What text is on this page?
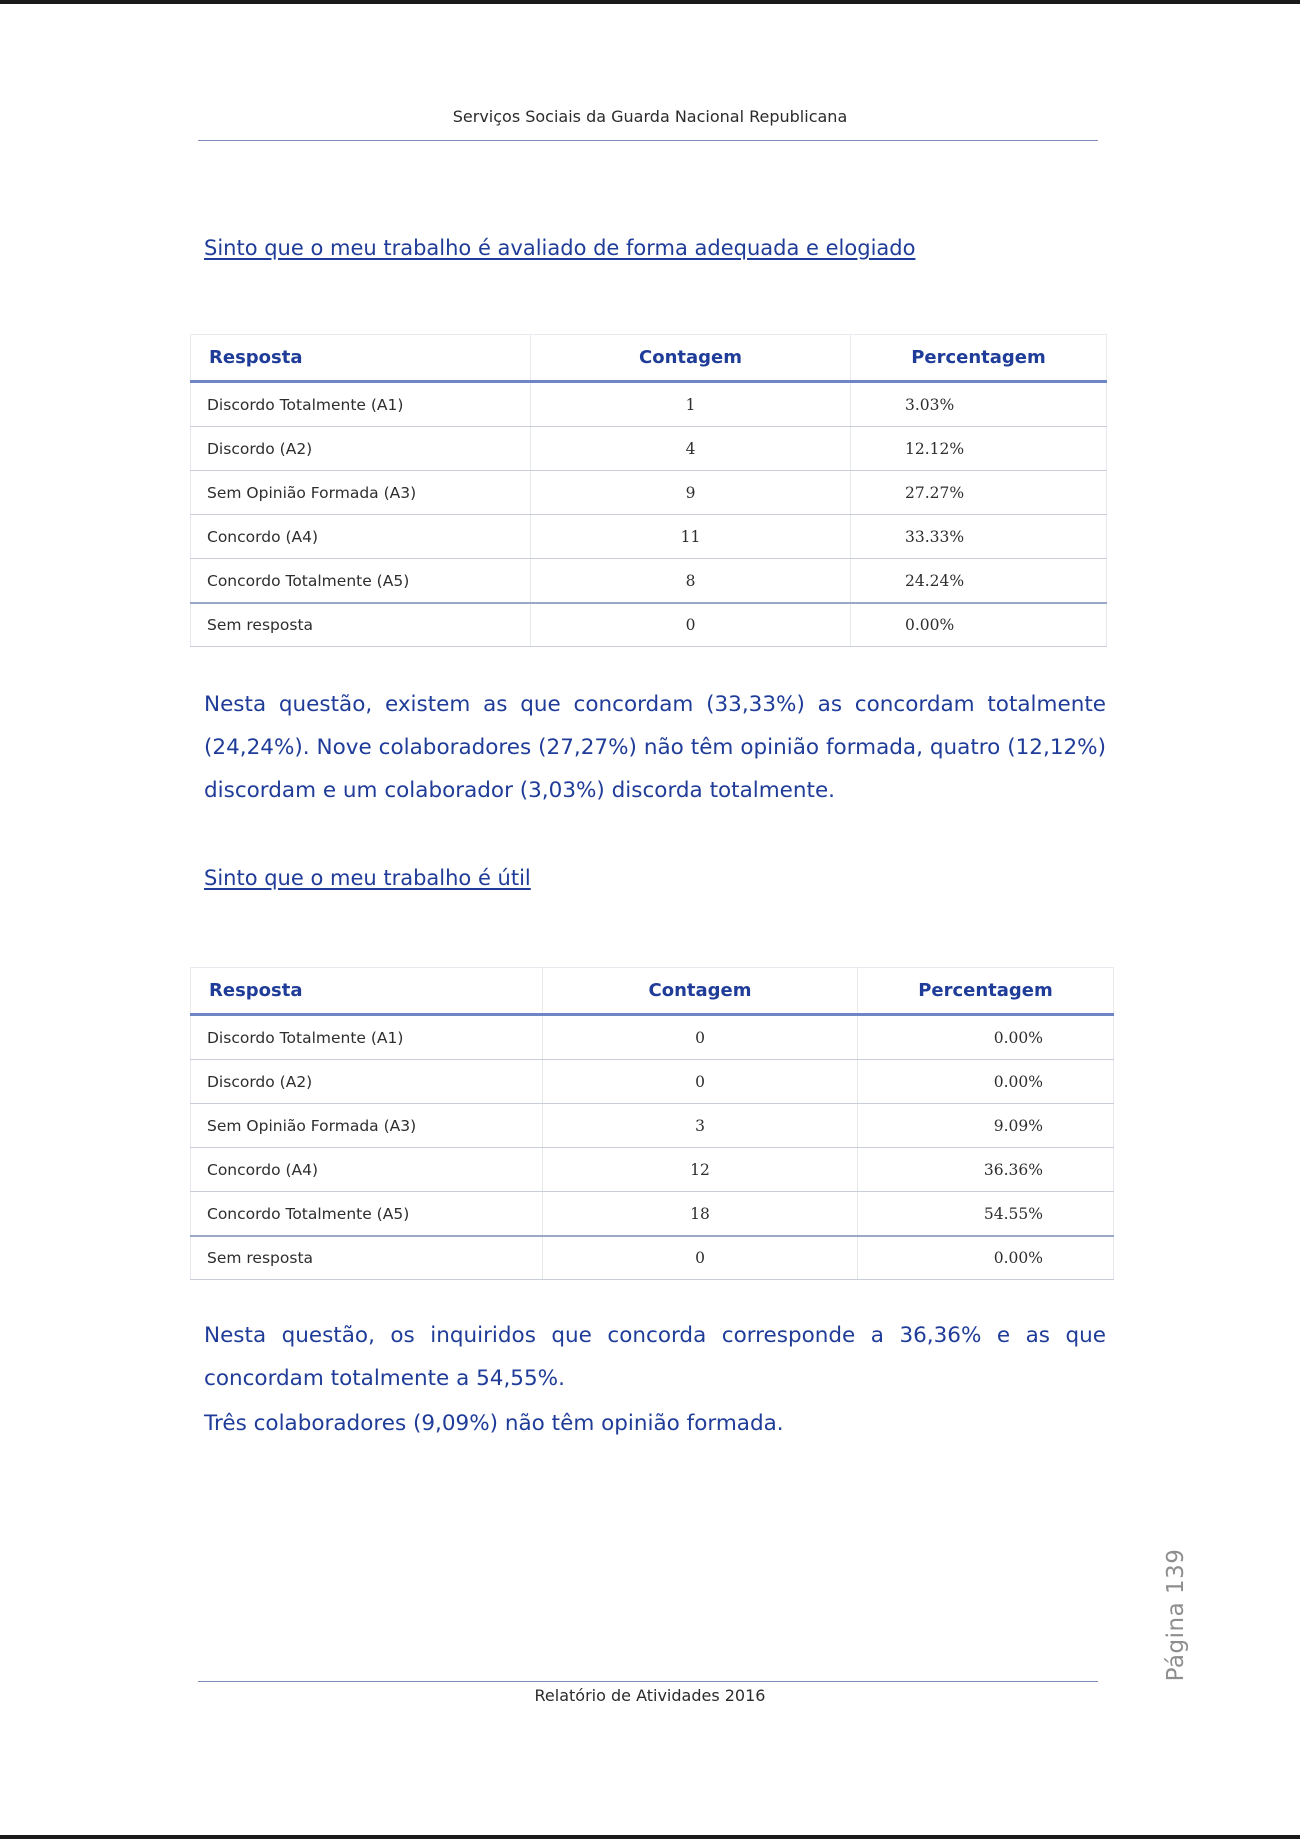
Serviços Sociais da Guarda Nacional Republicana
Sinto que o meu trabalho é avaliado de forma adequada e elogiado
Resposta	Contagem	Percentagem
Discordo Totalmente (A1)	1	3.03%
Discordo (A2)	4	12.12%
Sem Opinião Formada (A3)	9	27.27%
Concordo (A4)	11	33.33%
Concordo Totalmente (A5)	8	24.24%
Sem resposta	0	0.00%

Nesta questão, existem as que concordam (33,33%) as concordam totalmente (24,24%). Nove colaboradores (27,27%) não têm opinião formada, quatro (12,12%) discordam e um colaborador (3,03%) discorda totalmente.

Sinto que o meu trabalho é útil
Resposta	Contagem	Percentagem
Discordo Totalmente (A1)	0	0.00%
Discordo (A2)	0	0.00%
Sem Opinião Formada (A3)	3	9.09%
Concordo (A4)	12	36.36%
Concordo Totalmente (A5)	18	54.55%
Sem resposta	0	0.00%

Nesta questão, os inquiridos que concorda corresponde a 36,36% e as que concordam totalmente a 54,55%.

Três colaboradores (9,09%) não têm opinião formada.

Página 139
Relatório de Atividades 2016
